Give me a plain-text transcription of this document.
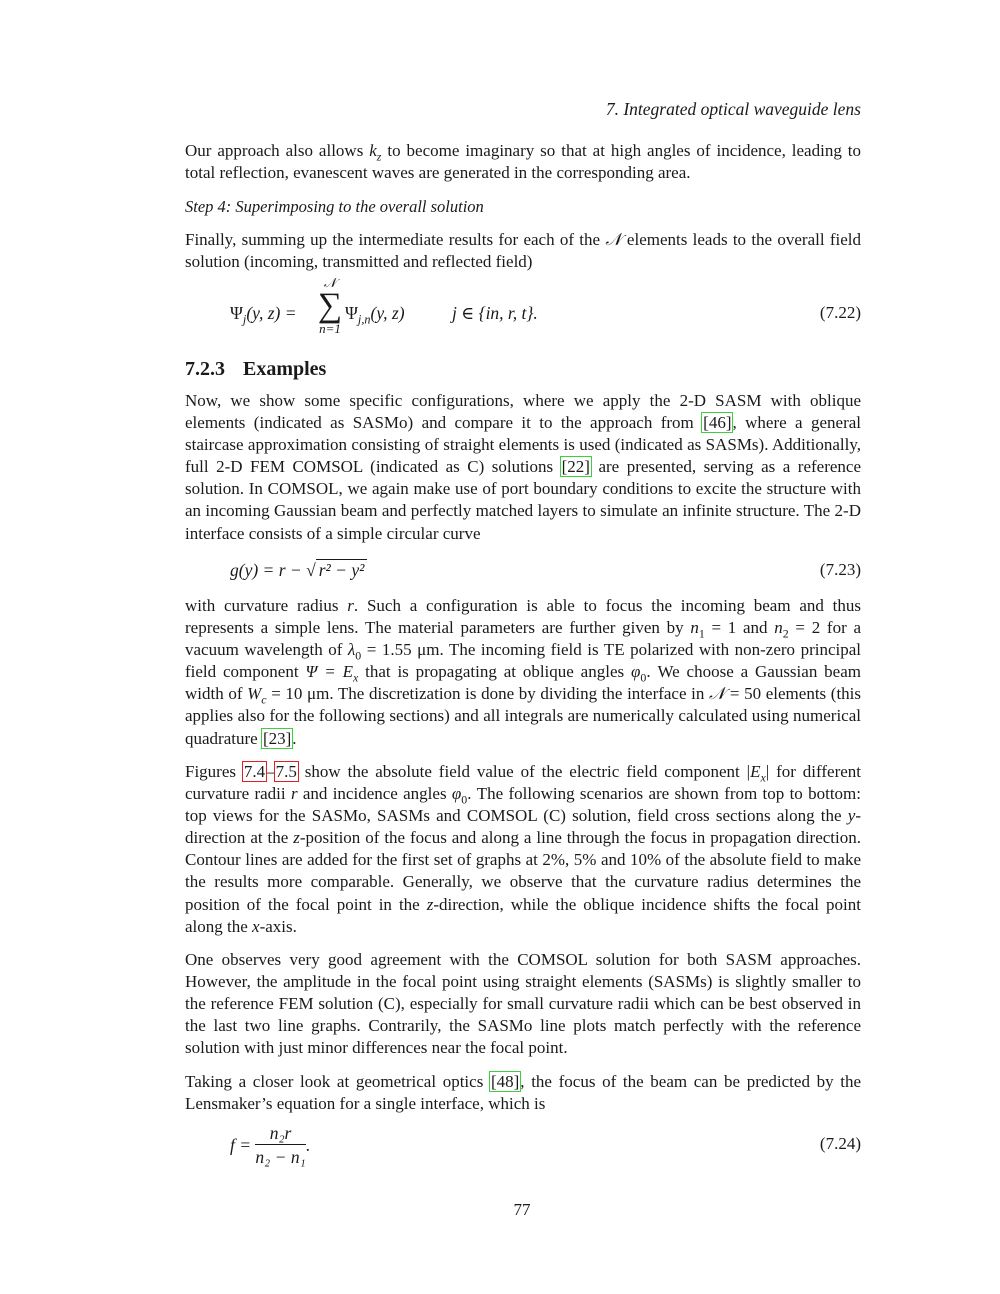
7. Integrated optical waveguide lens

Our approach also allows $k_z$ to become imaginary so that at high angles of incidence, leading to total reflection, evanescent waves are generated in the corresponding area.

Step 4: Superimposing to the overall solution

Finally, summing up the intermediate results for each of the 𝒩 elements leads to the overall field solution (incoming, transmitted and reflected field)

$\Psi_j(y$, z) =
𝒩
∑
n=1
$\Psi_{j,n}(y$, z)	j ∈ {in, r, t}.	(7.22)
7.2.3 Examples

Now, we show some specific configurations, where we apply the 2-D SASM with oblique elements (indicated as SASMo) and compare it to the approach from [46], where a general staircase approximation consisting of straight elements is used (indicated as SASMs). Additionally, full 2-D FEM COMSOL (indicated as C) solutions [22] are presented, serving as a reference solution. In COMSOL, we again make use of port boundary conditions to excite the structure with an incoming Gaussian beam and perfectly matched layers to simulate an infinite structure. The 2-D interface consists of a simple circular curve

g(y) = r − √ r² − y²	(7.23)

with curvature radius r. Such a configuration is able to focus the incoming beam and thus represents a simple lens. The material parameters are further given by $n_1 = 1$ and $n_2 = 2$ for a vacuum wavelength of $\lambda_0 = 1.55$ μm. The incoming field is TE polarized with non-zero principal field component $\Psi = E_x$ that is propagating at oblique angles $\varphi_0$. We choose a Gaussian beam width of $W_c = 10$ μm. The discretization is done by dividing the interface in 𝒩 = 50 elements (this applies also for the following sections) and all integrals are numerically calculated using numerical quadrature [23].

Figures 7.4–7.5 show the absolute field value of the electric field component $|E_x|$ for different curvature radii r and incidence angles $\varphi_0$. The following scenarios are shown from top to bottom: top views for the SASMo, SASMs and COMSOL (C) solution, field cross sections along the y-direction at the z-position of the focus and along a line through the focus in propagation direction. Contour lines are added for the first set of graphs at 2%, 5% and 10% of the absolute field to make the results more comparable. Generally, we observe that the curvature radius determines the position of the focal point in the z-direction, while the oblique incidence shifts the focal point along the x-axis.

One observes very good agreement with the COMSOL solution for both SASM approaches. However, the amplitude in the focal point using straight elements (SASMs) is slightly smaller to the reference FEM solution (C), especially for small curvature radii which can be best observed in the last two line graphs. Contrarily, the SASMo line plots match perfectly with the reference solution with just minor differences near the focal point.

Taking a closer look at geometrical optics [48], the focus of the beam can be predicted by the Lensmaker’s equation for a single interface, which is

$f = \frac{\text{n₂r}}{\text{n₂ − n₁}}$ .	(7.24)
77
